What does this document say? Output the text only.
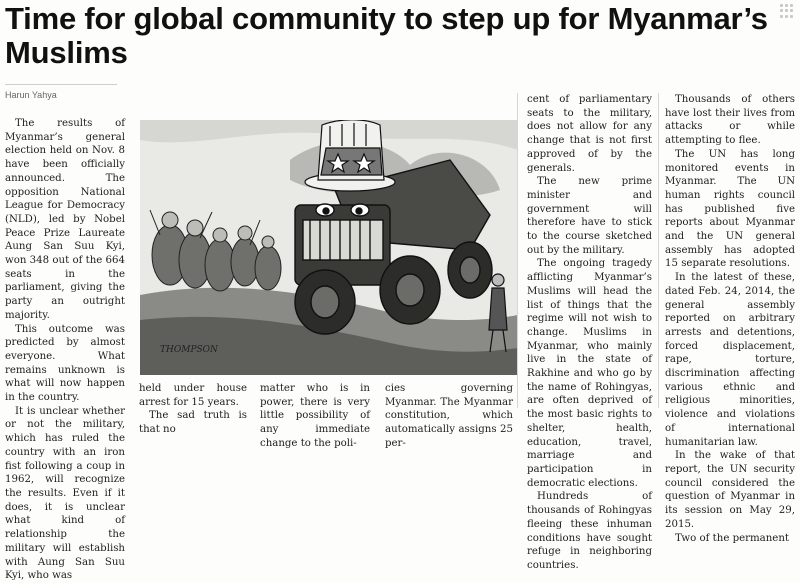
Time for global community to step up for Myanmar’s Muslims
Harun Yahya

The results of Myanmar’s general election held on Nov. 8 have been officially announced. The opposition National League for Democracy (NLD), led by Nobel Peace Prize Laureate Aung San Suu Kyi, won 348 out of the 664 seats in the parliament, giving the party an outright majority.

This outcome was predicted by almost everyone. What remains unknown is what will now happen in the country.

It is unclear whether or not the military, which has ruled the country with an iron fist following a coup in 1962, will recognize the results. Even if it does, it is unclear what kind of relationship the military will establish with Aung San Suu Kyi, who was

THOMPSON

held under house arrest for 15 years.

The sad truth is that no

matter who is in power, there is very little possibility of any immediate change to the poli-

cies governing Myanmar. The Myanmar constitution, which automatically assigns 25 per-

cent of parliamentary seats to the military, does not allow for any change that is not first approved of by the generals.

The new prime minister and government will therefore have to stick to the course sketched out by the military.

The ongoing tragedy afflicting Myanmar’s Muslims will head the list of things that the regime will not wish to change. Muslims in Myanmar, who mainly live in the state of Rakhine and who go by the name of Rohingyas, are often deprived of the most basic rights to shelter, health, education, travel, marriage and participation in democratic elections.

Hundreds of thousands of Rohingyas fleeing these inhuman conditions have sought refuge in neighboring countries.

Thousands of others have lost their lives from attacks or while attempting to flee.

The UN has long monitored events in Myanmar. The UN human rights council has published five reports about Myanmar and the UN general assembly has adopted 15 separate resolutions.

In the latest of these, dated Feb. 24, 2014, the general assembly reported on arbitrary arrests and detentions, forced displacement, rape, torture, discrimination affecting various ethnic and religious minorities, violence and violations of international humanitarian law.

In the wake of that report, the UN security council considered the question of Myanmar in its session on May 29, 2015.

Two of the permanent
